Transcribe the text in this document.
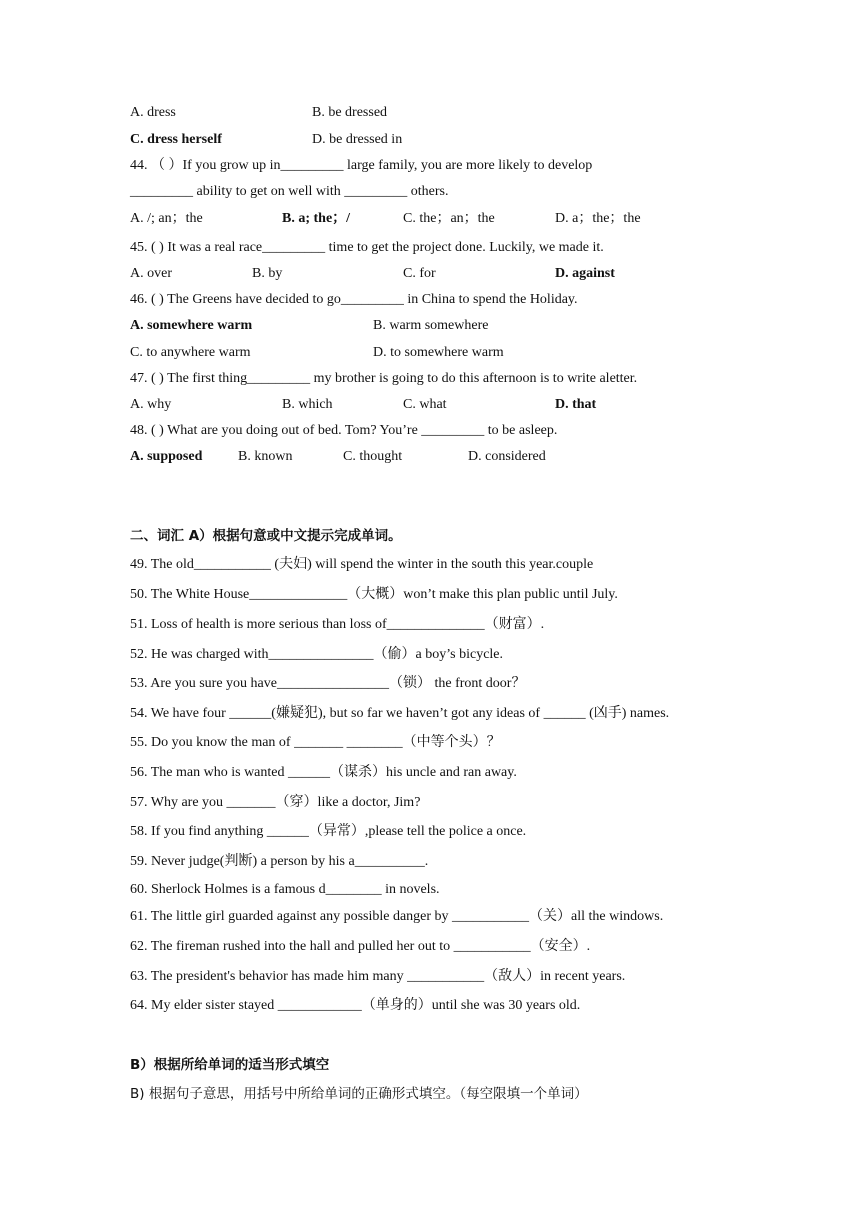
A. dress	B. be dressed
C. dress herself	D. be dressed in
44. （ ）If you grow up in_________ large family, you are more likely to develop
_________ ability to get on well with _________ others.
A. /; an；the	B. a; the；/	C. the；an；the	D. a；the；the
45. ( ) It was a real race_________ time to get the project done. Luckily, we made it.
A. over	B. by	C. for	D. against
46. ( ) The Greens have decided to go_________ in China to spend the Holiday.
A. somewhere warm	B. warm somewhere
C. to anywhere warm	D. to somewhere warm
47. ( ) The first thing_________ my brother is going to do this afternoon is to write aletter.
A. why	B. which	C. what	D. that
48. ( ) What are you doing out of bed. Tom? You’re _________ to be asleep.
A. supposed	B. known	C. thought	D. considered
二、词汇 A）根据句意或中文提示完成单词。
49. The old___________ (夫妇) will spend the winter in the south this year.couple
50. The White House______________（大概）won’t make this plan public until July.
51. Loss of health is more serious than loss of______________（财富）.
52. He was charged with_______________（偷）a boy’s bicycle.
53. Are you sure you have________________（锁） the front door？
54. We have four ______(嫌疑犯), but so far we haven’t got any ideas of ______ (凶手) names.
55. Do you know the man of _______ ________（中等个头）？
56. The man who is wanted ______（谋杀）his uncle and ran away.
57. Why are you _______（穿）like a doctor, Jim?
58. If you find anything ______（异常）,please tell the police a once.
59. Never judge(判断) a person by his a__________.
60. Sherlock Holmes is a famous d________ in novels.
61. The little girl guarded against any possible danger by ___________（关）all the windows.
62. The fireman rushed into the hall and pulled her out to ___________（安全）.
63. The president's behavior has made him many ___________（敌人）in recent years.
64. My elder sister stayed ____________（单身的）until she was 30 years old.
B）根据所给单词的适当形式填空
B) 根据句子意思，用括号中所给单词的正确形式填空。（每空限填一个单词）
